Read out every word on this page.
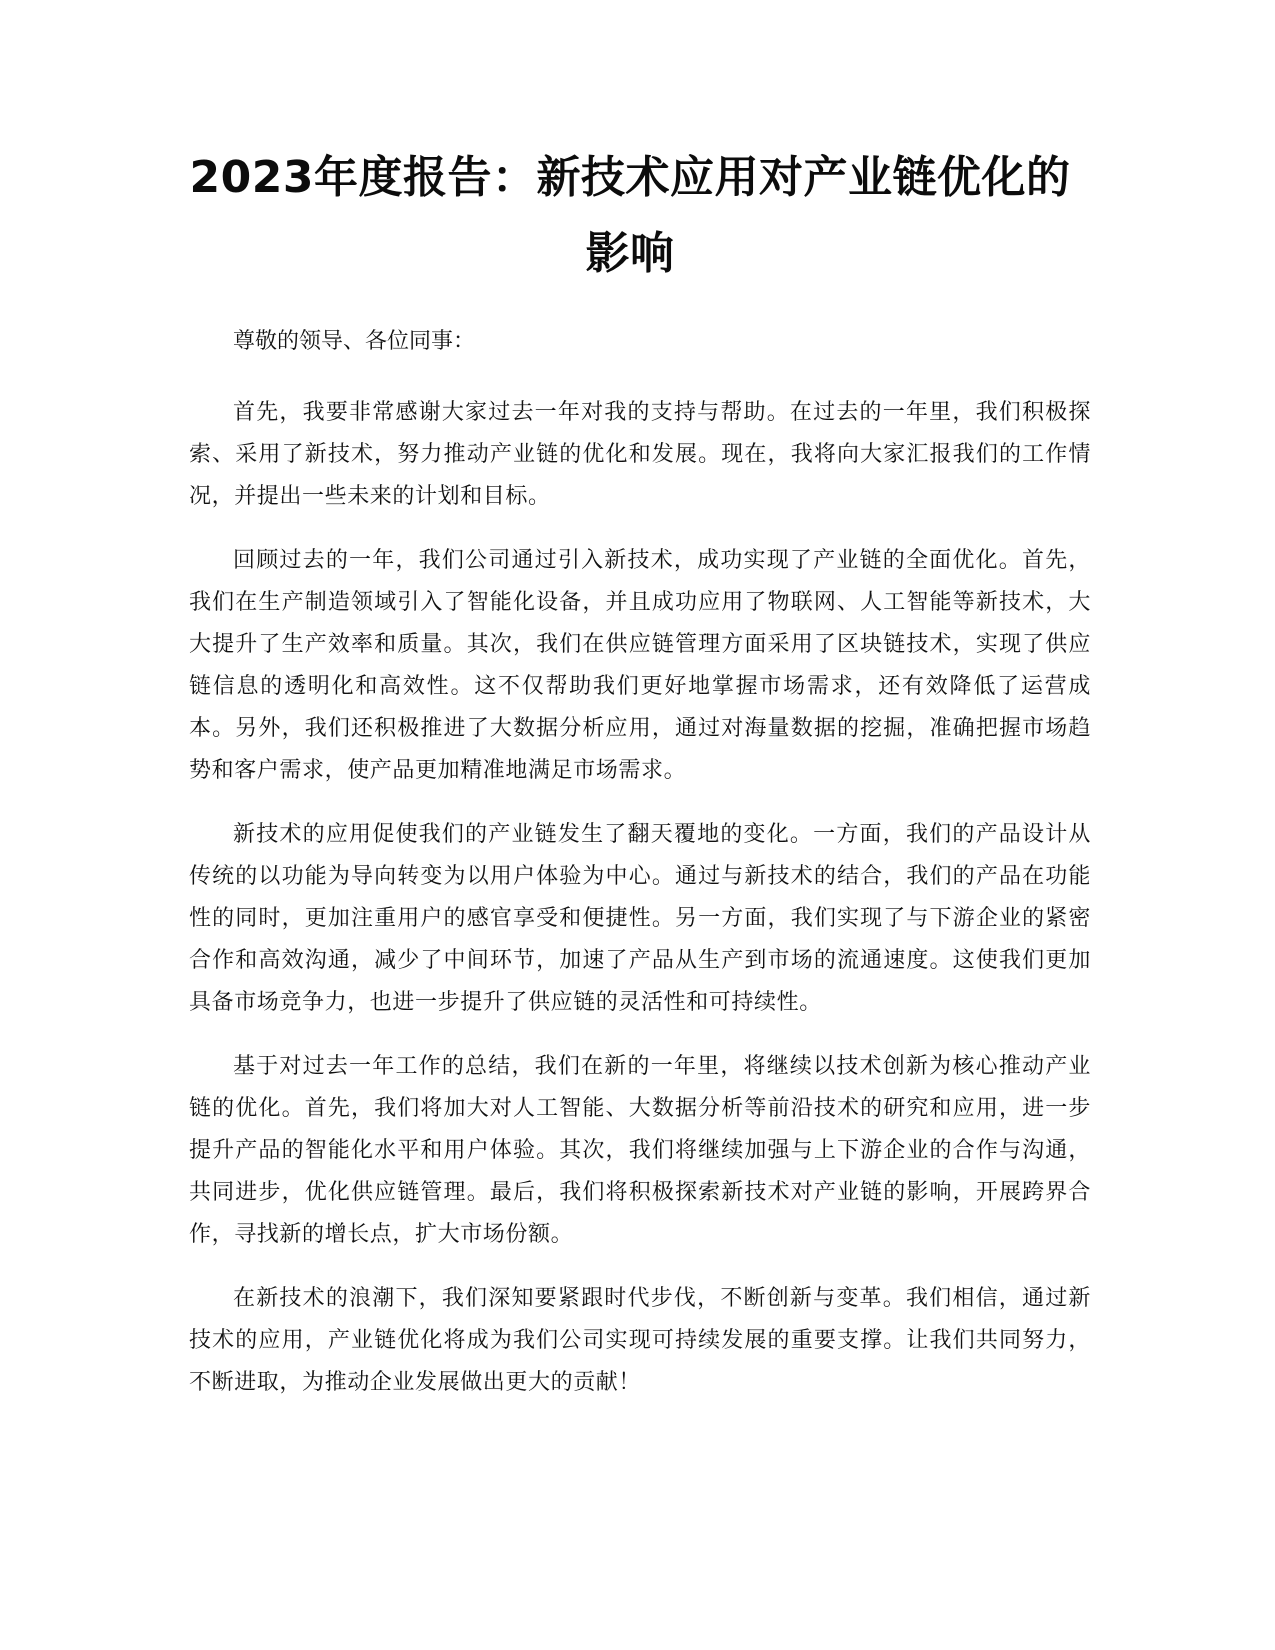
2023年度报告：新技术应用对产业链优化的影响

尊敬的领导、各位同事：

首先，我要非常感谢大家过去一年对我的支持与帮助。在过去的一年里，我们积极探索、采用了新技术，努力推动产业链的优化和发展。现在，我将向大家汇报我们的工作情况，并提出一些未来的计划和目标。

回顾过去的一年，我们公司通过引入新技术，成功实现了产业链的全面优化。首先，我们在生产制造领域引入了智能化设备，并且成功应用了物联网、人工智能等新技术，大大提升了生产效率和质量。其次，我们在供应链管理方面采用了区块链技术，实现了供应链信息的透明化和高效性。这不仅帮助我们更好地掌握市场需求，还有效降低了运营成本。另外，我们还积极推进了大数据分析应用，通过对海量数据的挖掘，准确把握市场趋势和客户需求，使产品更加精准地满足市场需求。

新技术的应用促使我们的产业链发生了翻天覆地的变化。一方面，我们的产品设计从传统的以功能为导向转变为以用户体验为中心。通过与新技术的结合，我们的产品在功能性的同时，更加注重用户的感官享受和便捷性。另一方面，我们实现了与下游企业的紧密合作和高效沟通，减少了中间环节，加速了产品从生产到市场的流通速度。这使我们更加具备市场竞争力，也进一步提升了供应链的灵活性和可持续性。

基于对过去一年工作的总结，我们在新的一年里，将继续以技术创新为核心推动产业链的优化。首先，我们将加大对人工智能、大数据分析等前沿技术的研究和应用，进一步提升产品的智能化水平和用户体验。其次，我们将继续加强与上下游企业的合作与沟通，共同进步，优化供应链管理。最后，我们将积极探索新技术对产业链的影响，开展跨界合作，寻找新的增长点，扩大市场份额。

在新技术的浪潮下，我们深知要紧跟时代步伐，不断创新与变革。我们相信，通过新技术的应用，产业链优化将成为我们公司实现可持续发展的重要支撑。让我们共同努力，不断进取，为推动企业发展做出更大的贡献！
